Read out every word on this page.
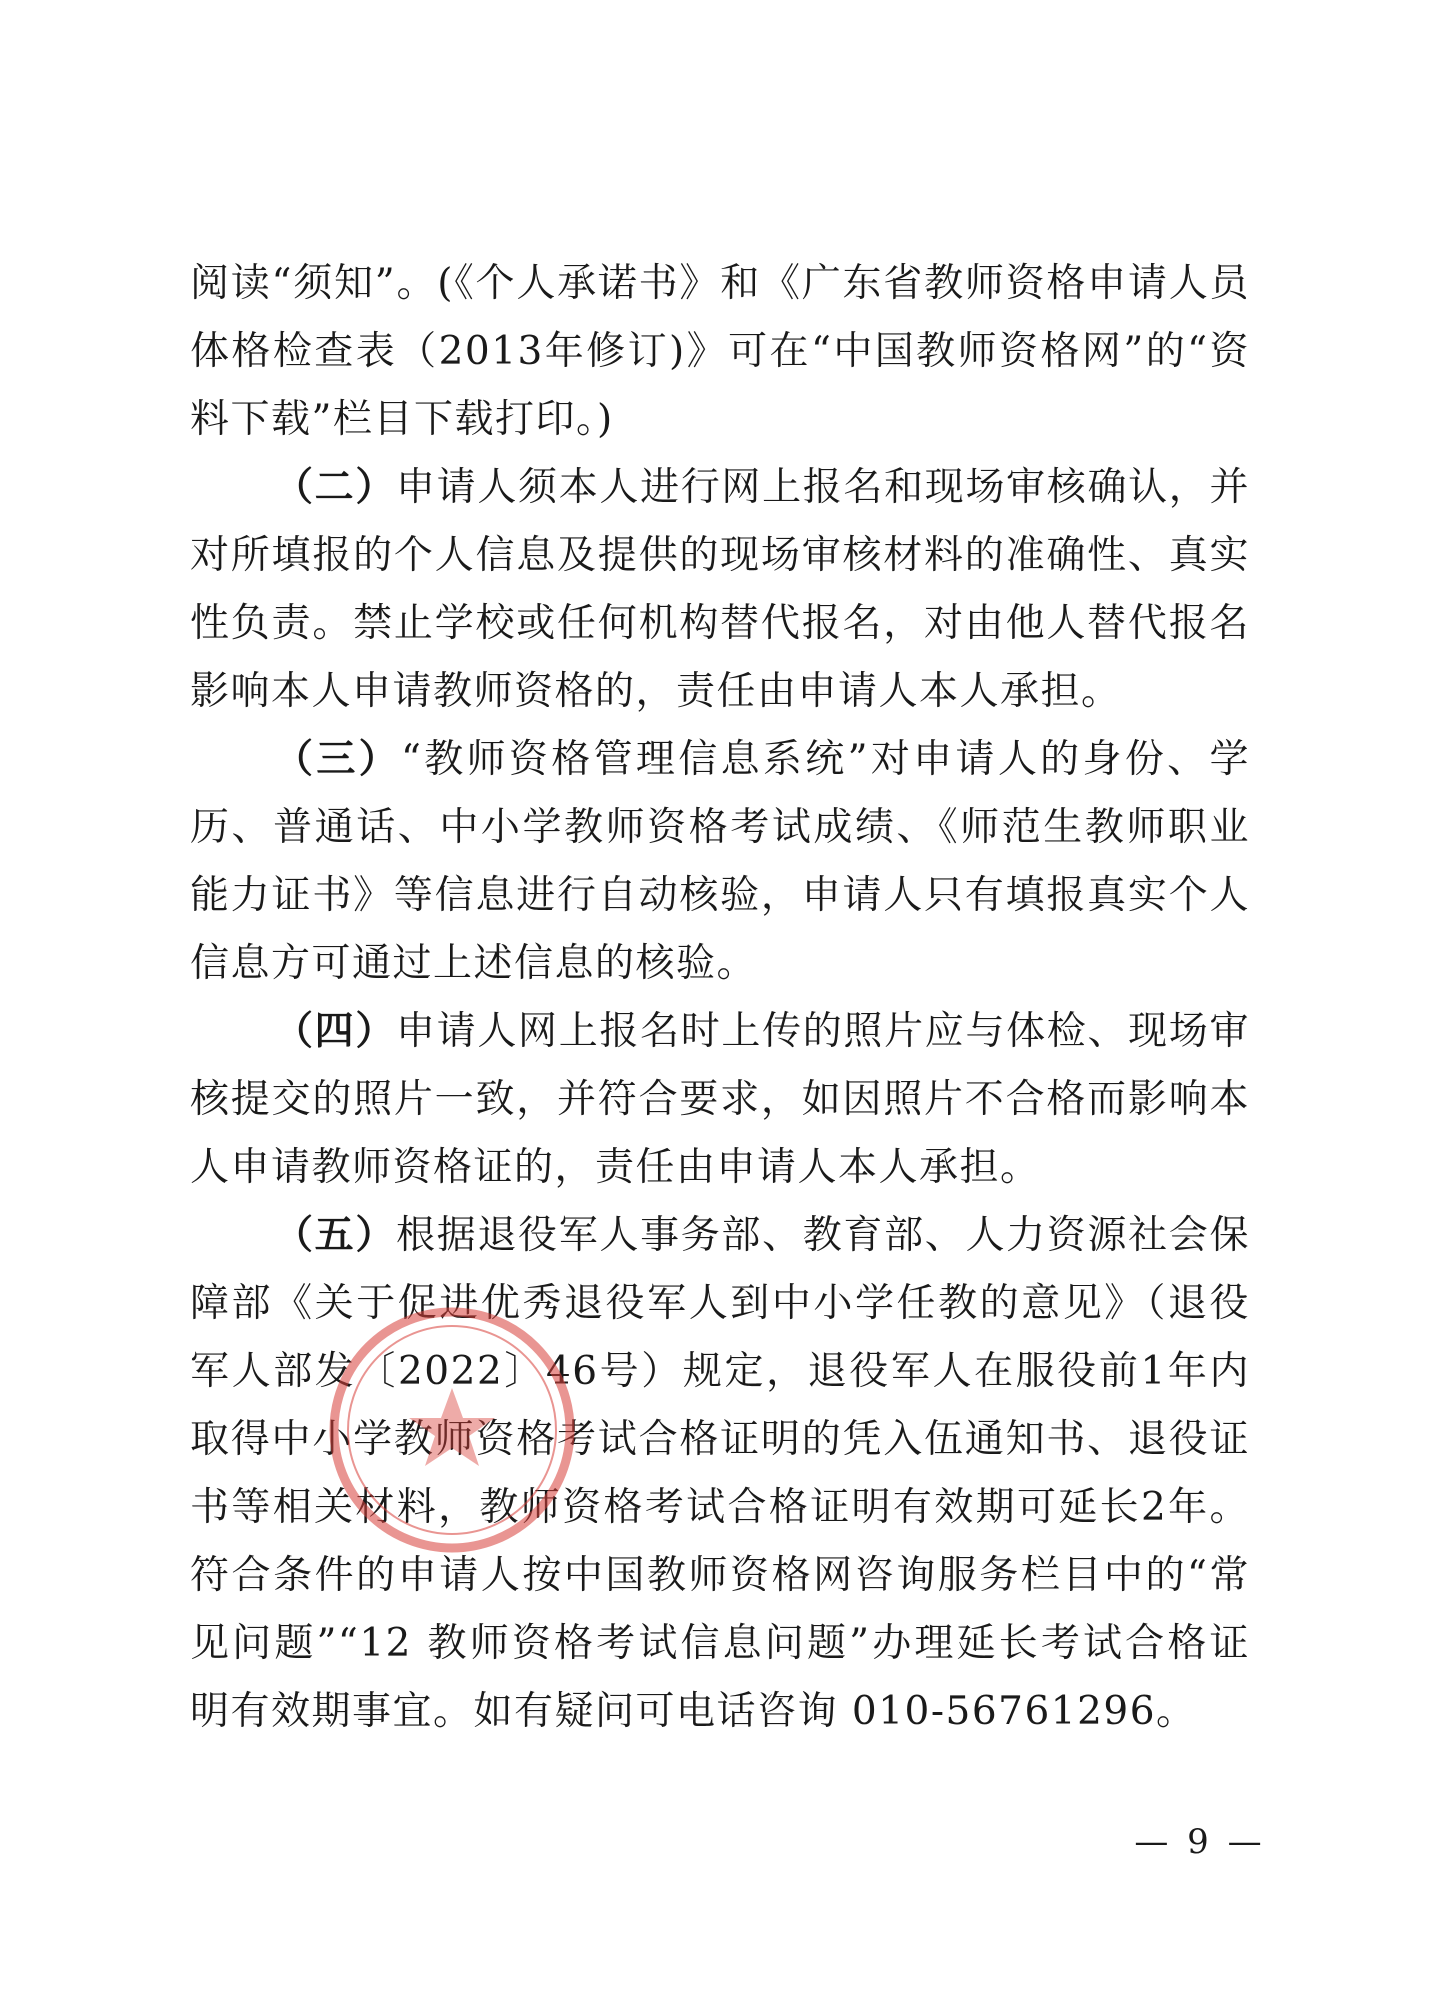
阅读“须知”。(《个人承诺书》和《广东省教师资格申请人员体格检查表（2013年修订)》可在“中国教师资格网”的“资料下载”栏目下载打印。)

（二）申请人须本人进行网上报名和现场审核确认，并对所填报的个人信息及提供的现场审核材料的准确性、真实性负责。禁止学校或任何机构替代报名，对由他人替代报名影响本人申请教师资格的，责任由申请人本人承担。

（三）“教师资格管理信息系统”对申请人的身份、学历、普通话、中小学教师资格考试成绩、《师范生教师职业能力证书》等信息进行自动核验，申请人只有填报真实个人信息方可通过上述信息的核验。

（四）申请人网上报名时上传的照片应与体检、现场审核提交的照片一致，并符合要求，如因照片不合格而影响本人申请教师资格证的，责任由申请人本人承担。

（五）根据退役军人事务部、教育部、人力资源社会保障部《关于促进优秀退役军人到中小学任教的意见》（退役军人部发〔2022〕46号）规定，退役军人在服役前1年内取得中小学教师资格考试合格证明的凭入伍通知书、退役证书等相关材料，教师资格考试合格证明有效期可延长2年。符合条件的申请人按中国教师资格网咨询服务栏目中的“常见问题”“12 教师资格考试信息问题”办理延长考试合格证明有效期事宜。如有疑问可电话咨询 010-56761296。

— 9 —
